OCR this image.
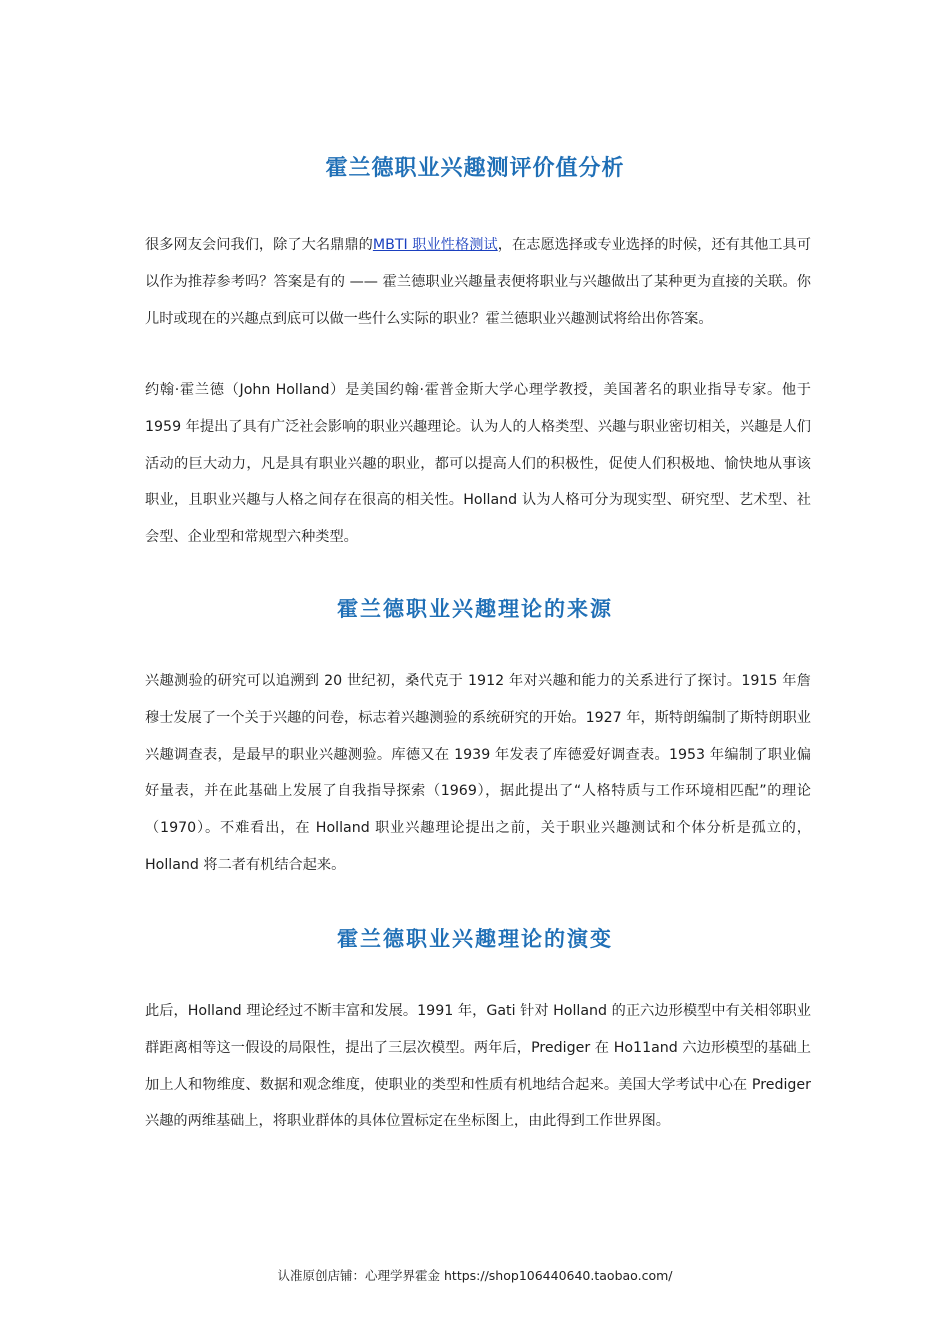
霍兰德职业兴趣测评价值分析

很多网友会问我们，除了大名鼎鼎的MBTI 职业性格测试，在志愿选择或专业选择的时候，还有其他工具可以作为推荐参考吗？答案是有的 —— 霍兰德职业兴趣量表便将职业与兴趣做出了某种更为直接的关联。你儿时或现在的兴趣点到底可以做一些什么实际的职业？霍兰德职业兴趣测试将给出你答案。

约翰·霍兰德（John Holland）是美国约翰·霍普金斯大学心理学教授，美国著名的职业指导专家。他于 1959 年提出了具有广泛社会影响的职业兴趣理论。认为人的人格类型、兴趣与职业密切相关，兴趣是人们活动的巨大动力，凡是具有职业兴趣的职业，都可以提高人们的积极性，促使人们积极地、愉快地从事该职业，且职业兴趣与人格之间存在很高的相关性。Holland 认为人格可分为现实型、研究型、艺术型、社会型、企业型和常规型六种类型。

霍兰德职业兴趣理论的来源

兴趣测验的研究可以追溯到 20 世纪初，桑代克于 1912 年对兴趣和能力的关系进行了探讨。1915 年詹穆士发展了一个关于兴趣的问卷，标志着兴趣测验的系统研究的开始。1927 年，斯特朗编制了斯特朗职业兴趣调查表，是最早的职业兴趣测验。库德又在 1939 年发表了库德爱好调查表。1953 年编制了职业偏好量表，并在此基础上发展了自我指导探索（1969），据此提出了“人格特质与工作环境相匹配”的理论（1970）。不难看出，在 Holland 职业兴趣理论提出之前，关于职业兴趣测试和个体分析是孤立的，Holland 将二者有机结合起来。

霍兰德职业兴趣理论的演变

此后，Holland 理论经过不断丰富和发展。1991 年，Gati 针对 Holland 的正六边形模型中有关相邻职业群距离相等这一假设的局限性，提出了三层次模型。两年后，Prediger 在 Ho11and 六边形模型的基础上加上人和物维度、数据和观念维度，使职业的类型和性质有机地结合起来。美国大学考试中心在 Prediger 兴趣的两维基础上，将职业群体的具体位置标定在坐标图上，由此得到工作世界图。

认准原创店铺：心理学界霍金 https://shop106440640.taobao.com/
